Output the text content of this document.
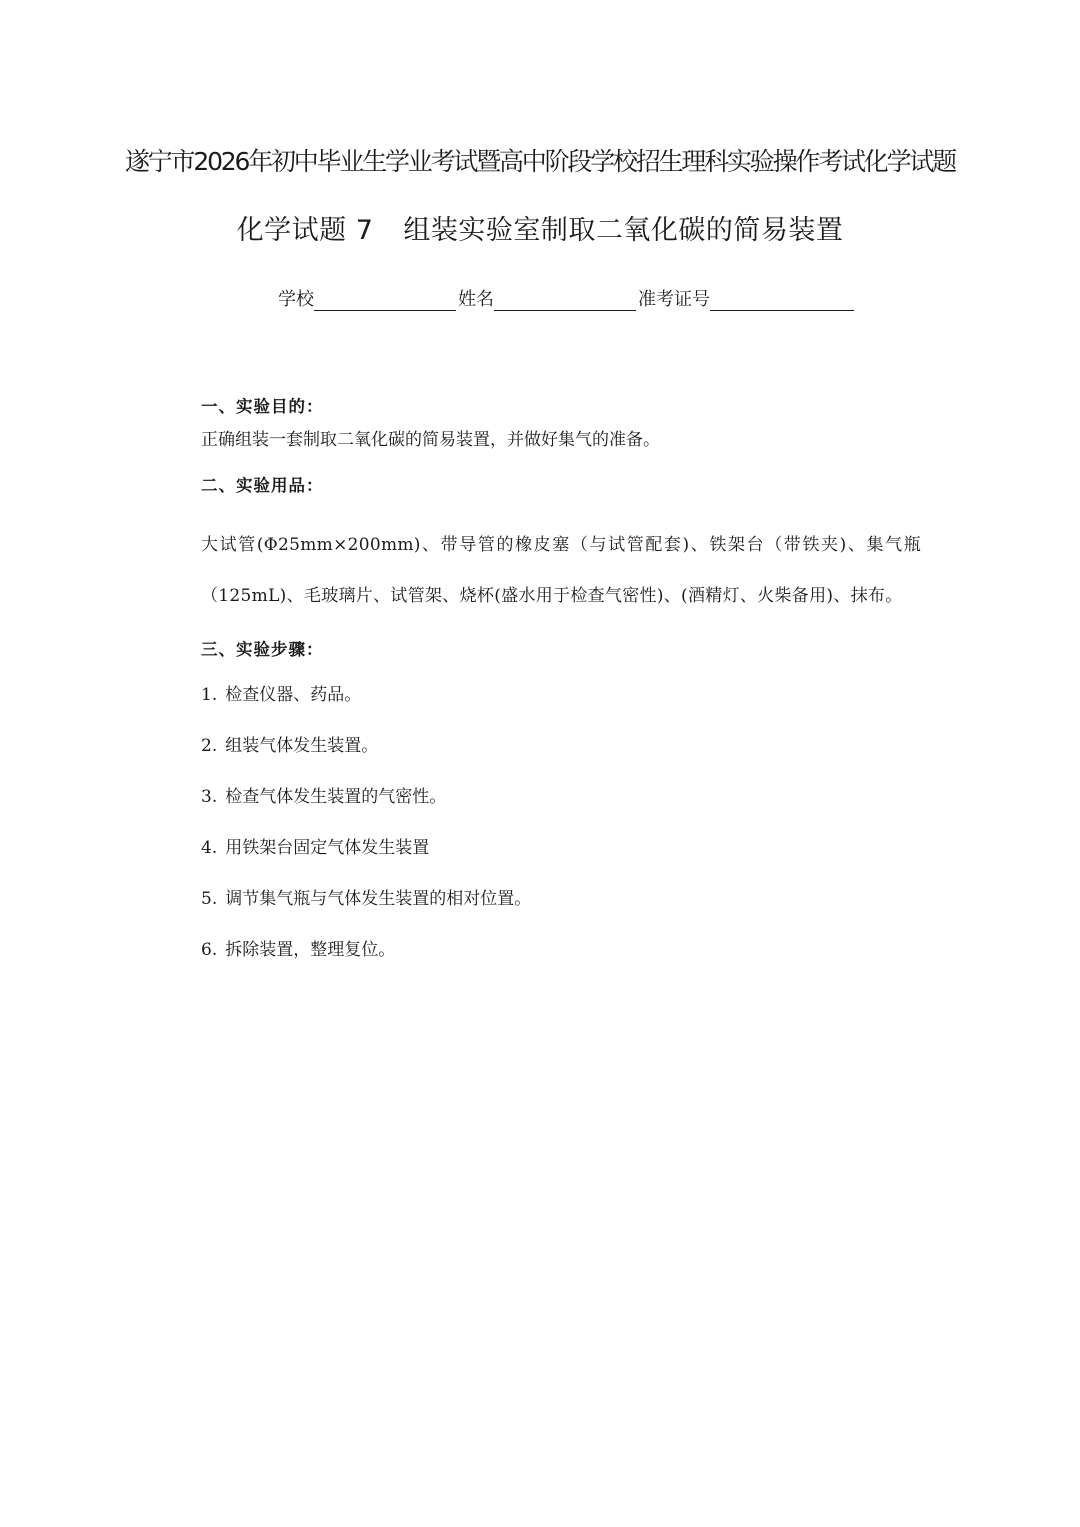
遂宁市2026年初中毕业生学业考试暨高中阶段学校招生理科实验操作考试化学试题
化学试题 7 组装实验室制取二氧化碳的简易装置
学校	姓名	准考证号
一、实验目的：
正确组装一套制取二氧化碳的简易装置，并做好集气的准备。
二、实验用品：
大试管(Φ25mm×200mm)、带导管的橡皮塞（与试管配套)、铁架台（带铁夹)、集气瓶（125mL)、毛玻璃片、试管架、烧杯(盛水用于检查气密性)、(酒精灯、火柴备用)、抹布。
三、实验步骤：
1. 检查仪器、药品。
2. 组装气体发生装置。
3. 检查气体发生装置的气密性。
4. 用铁架台固定气体发生装置
5. 调节集气瓶与气体发生装置的相对位置。
6. 拆除装置，整理复位。
